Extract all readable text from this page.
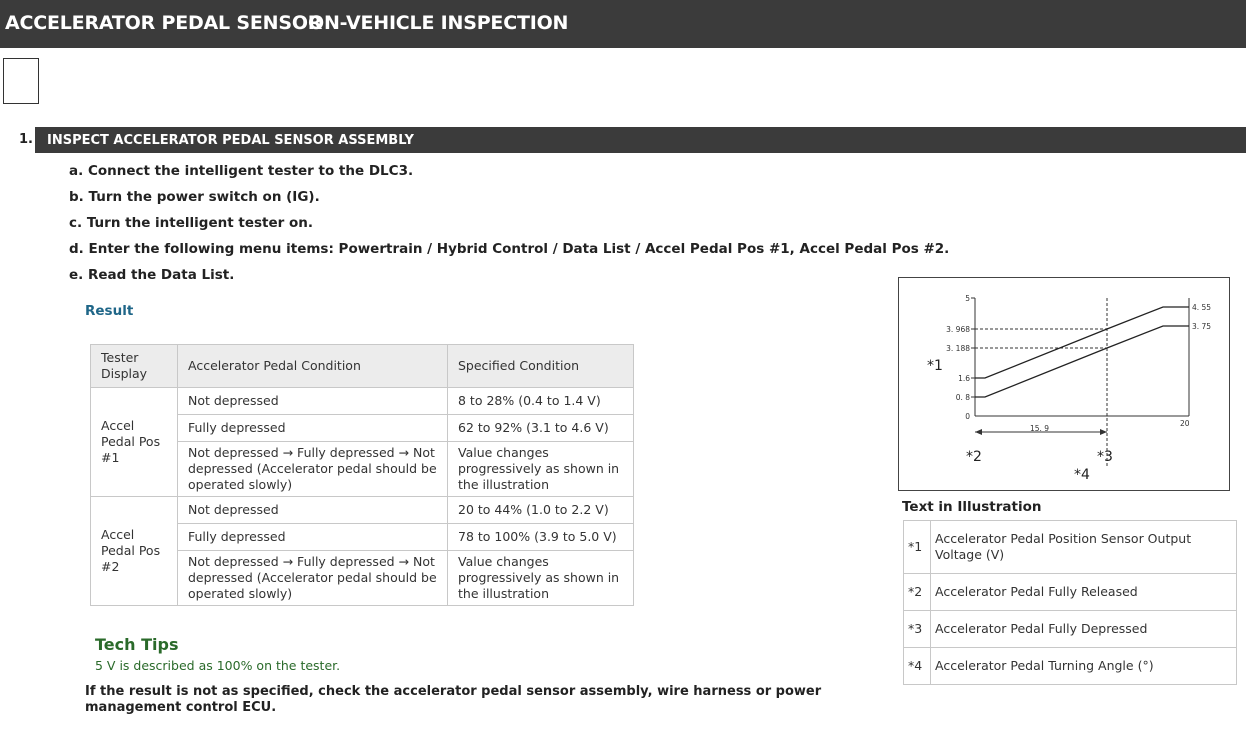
ACCELERATOR PEDAL SENSOR
ON-VEHICLE INSPECTION
1. INSPECT ACCELERATOR PEDAL SENSOR ASSEMBLY
a. Connect the intelligent tester to the DLC3.
b. Turn the power switch on (IG).
c. Turn the intelligent tester on.
d. Enter the following menu items: Powertrain / Hybrid Control / Data List / Accel Pedal Pos #1, Accel Pedal Pos #2.
e. Read the Data List.
Result
Tester Display	Accelerator Pedal Condition	Specified Condition
Accel Pedal Pos #1	Not depressed	8 to 28% (0.4 to 1.4 V)
	Fully depressed	62 to 92% (3.1 to 4.6 V)
	Not depressed → Fully depressed → Not depressed (Accelerator pedal should be operated slowly)	Value changes progressively as shown in the illustration
Accel Pedal Pos #2	Not depressed	20 to 44% (1.0 to 2.2 V)
	Fully depressed	78 to 100% (3.9 to 5.0 V)
	Not depressed → Fully depressed → Not depressed (Accelerator pedal should be operated slowly)	Value changes progressively as shown in the illustration
Tech Tips
5 V is described as 100% on the tester.
If the result is not as specified, check the accelerator pedal sensor assembly, wire harness or power management control ECU.
5
3. 968
3. 188
1.6
0. 8
0
20
4. 55
3. 75
15. 9
*1
*2	*3
*4
Text in Illustration
*1	Accelerator Pedal Position Sensor Output Voltage (V)
*2	Accelerator Pedal Fully Released
*3	Accelerator Pedal Fully Depressed
*4	Accelerator Pedal Turning Angle (°)
